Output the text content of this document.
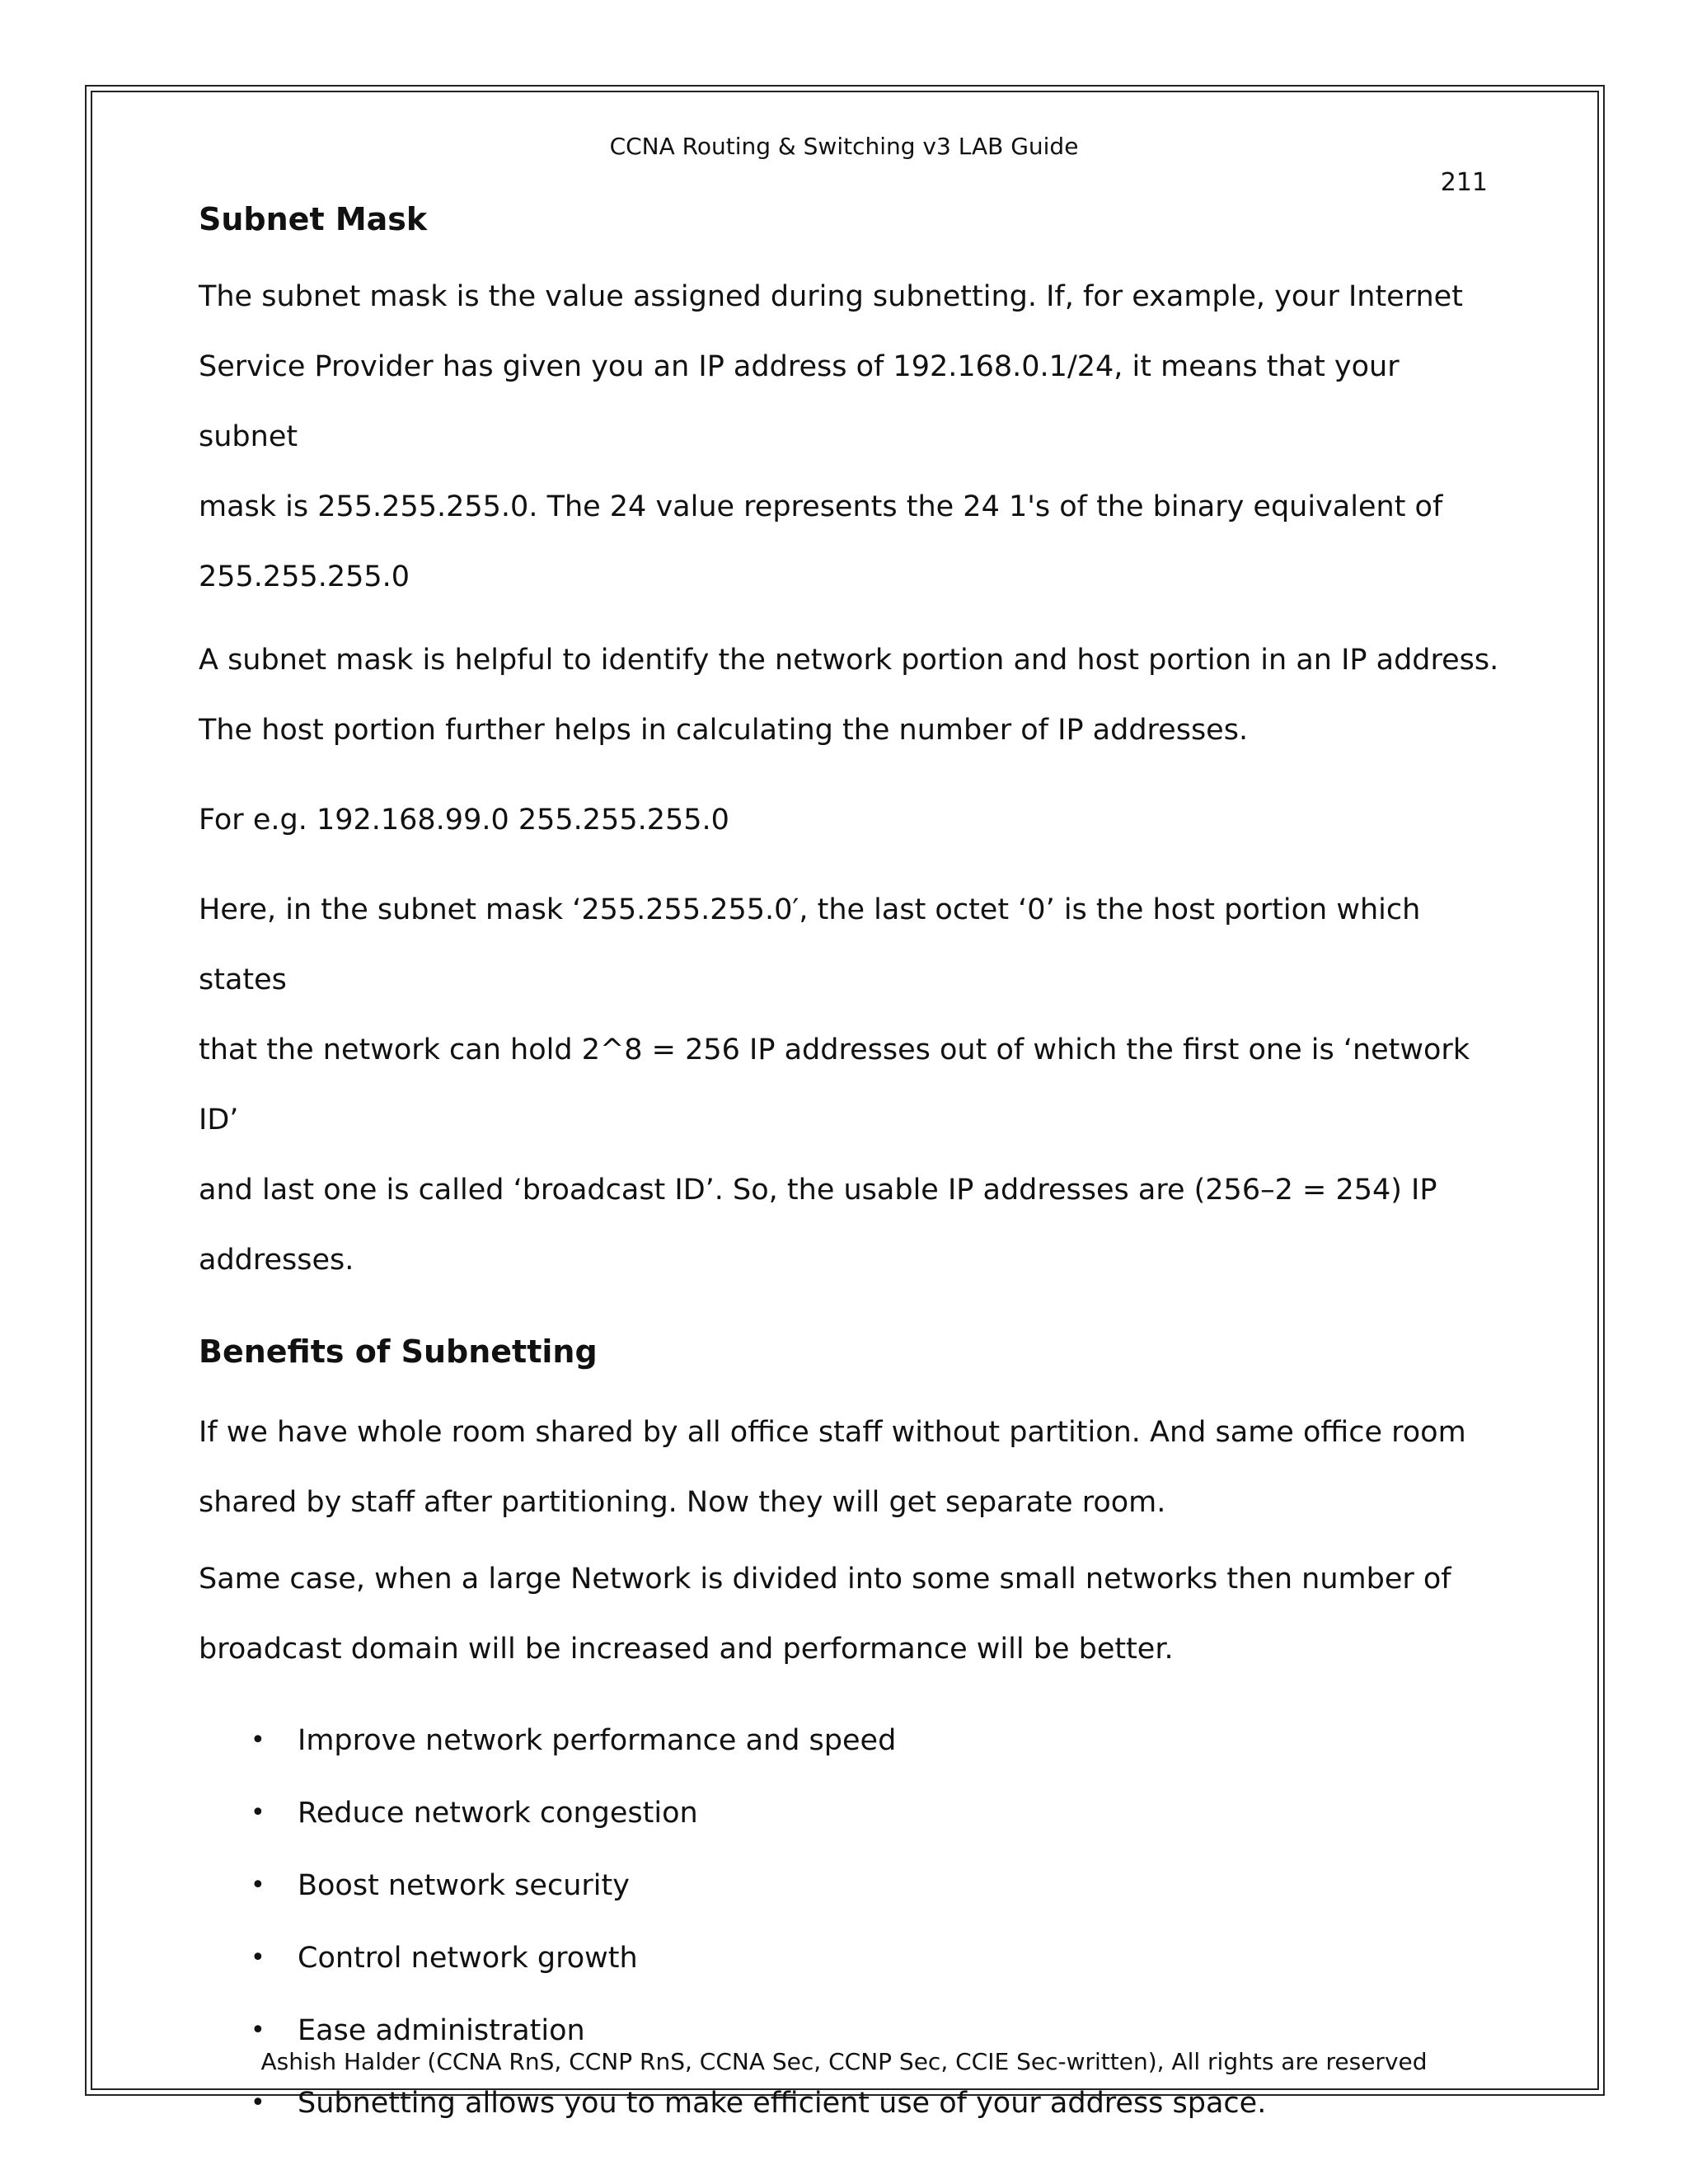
CCNA Routing & Switching v3 LAB Guide
211
Subnet Mask

The subnet mask is the value assigned during subnetting. If, for example, your Internet
Service Provider has given you an IP address of 192.168.0.1/24, it means that your subnet
mask is 255.255.255.0. The 24 value represents the 24 1's of the binary equivalent of
255.255.255.0

A subnet mask is helpful to identify the network portion and host portion in an IP address.
The host portion further helps in calculating the number of IP addresses.

For e.g. 192.168.99.0 255.255.255.0

Here, in the subnet mask ‘255.255.255.0′, the last octet ‘0’ is the host portion which states
that the network can hold 2^8 = 256 IP addresses out of which the first one is ‘network ID’
and last one is called ‘broadcast ID’. So, the usable IP addresses are (256–2 = 254) IP
addresses.

Benefits of Subnetting

If we have whole room shared by all office staff without partition. And same office room
shared by staff after partitioning. Now they will get separate room.

Same case, when a large Network is divided into some small networks then number of
broadcast domain will be increased and performance will be better.

• Improve network performance and speed
• Reduce network congestion
• Boost network security
• Control network growth
• Ease administration
• Subnetting allows you to make efficient use of your address space.
Ashish Halder (CCNA RnS, CCNP RnS, CCNA Sec, CCNP Sec, CCIE Sec-written), All rights are reserved
